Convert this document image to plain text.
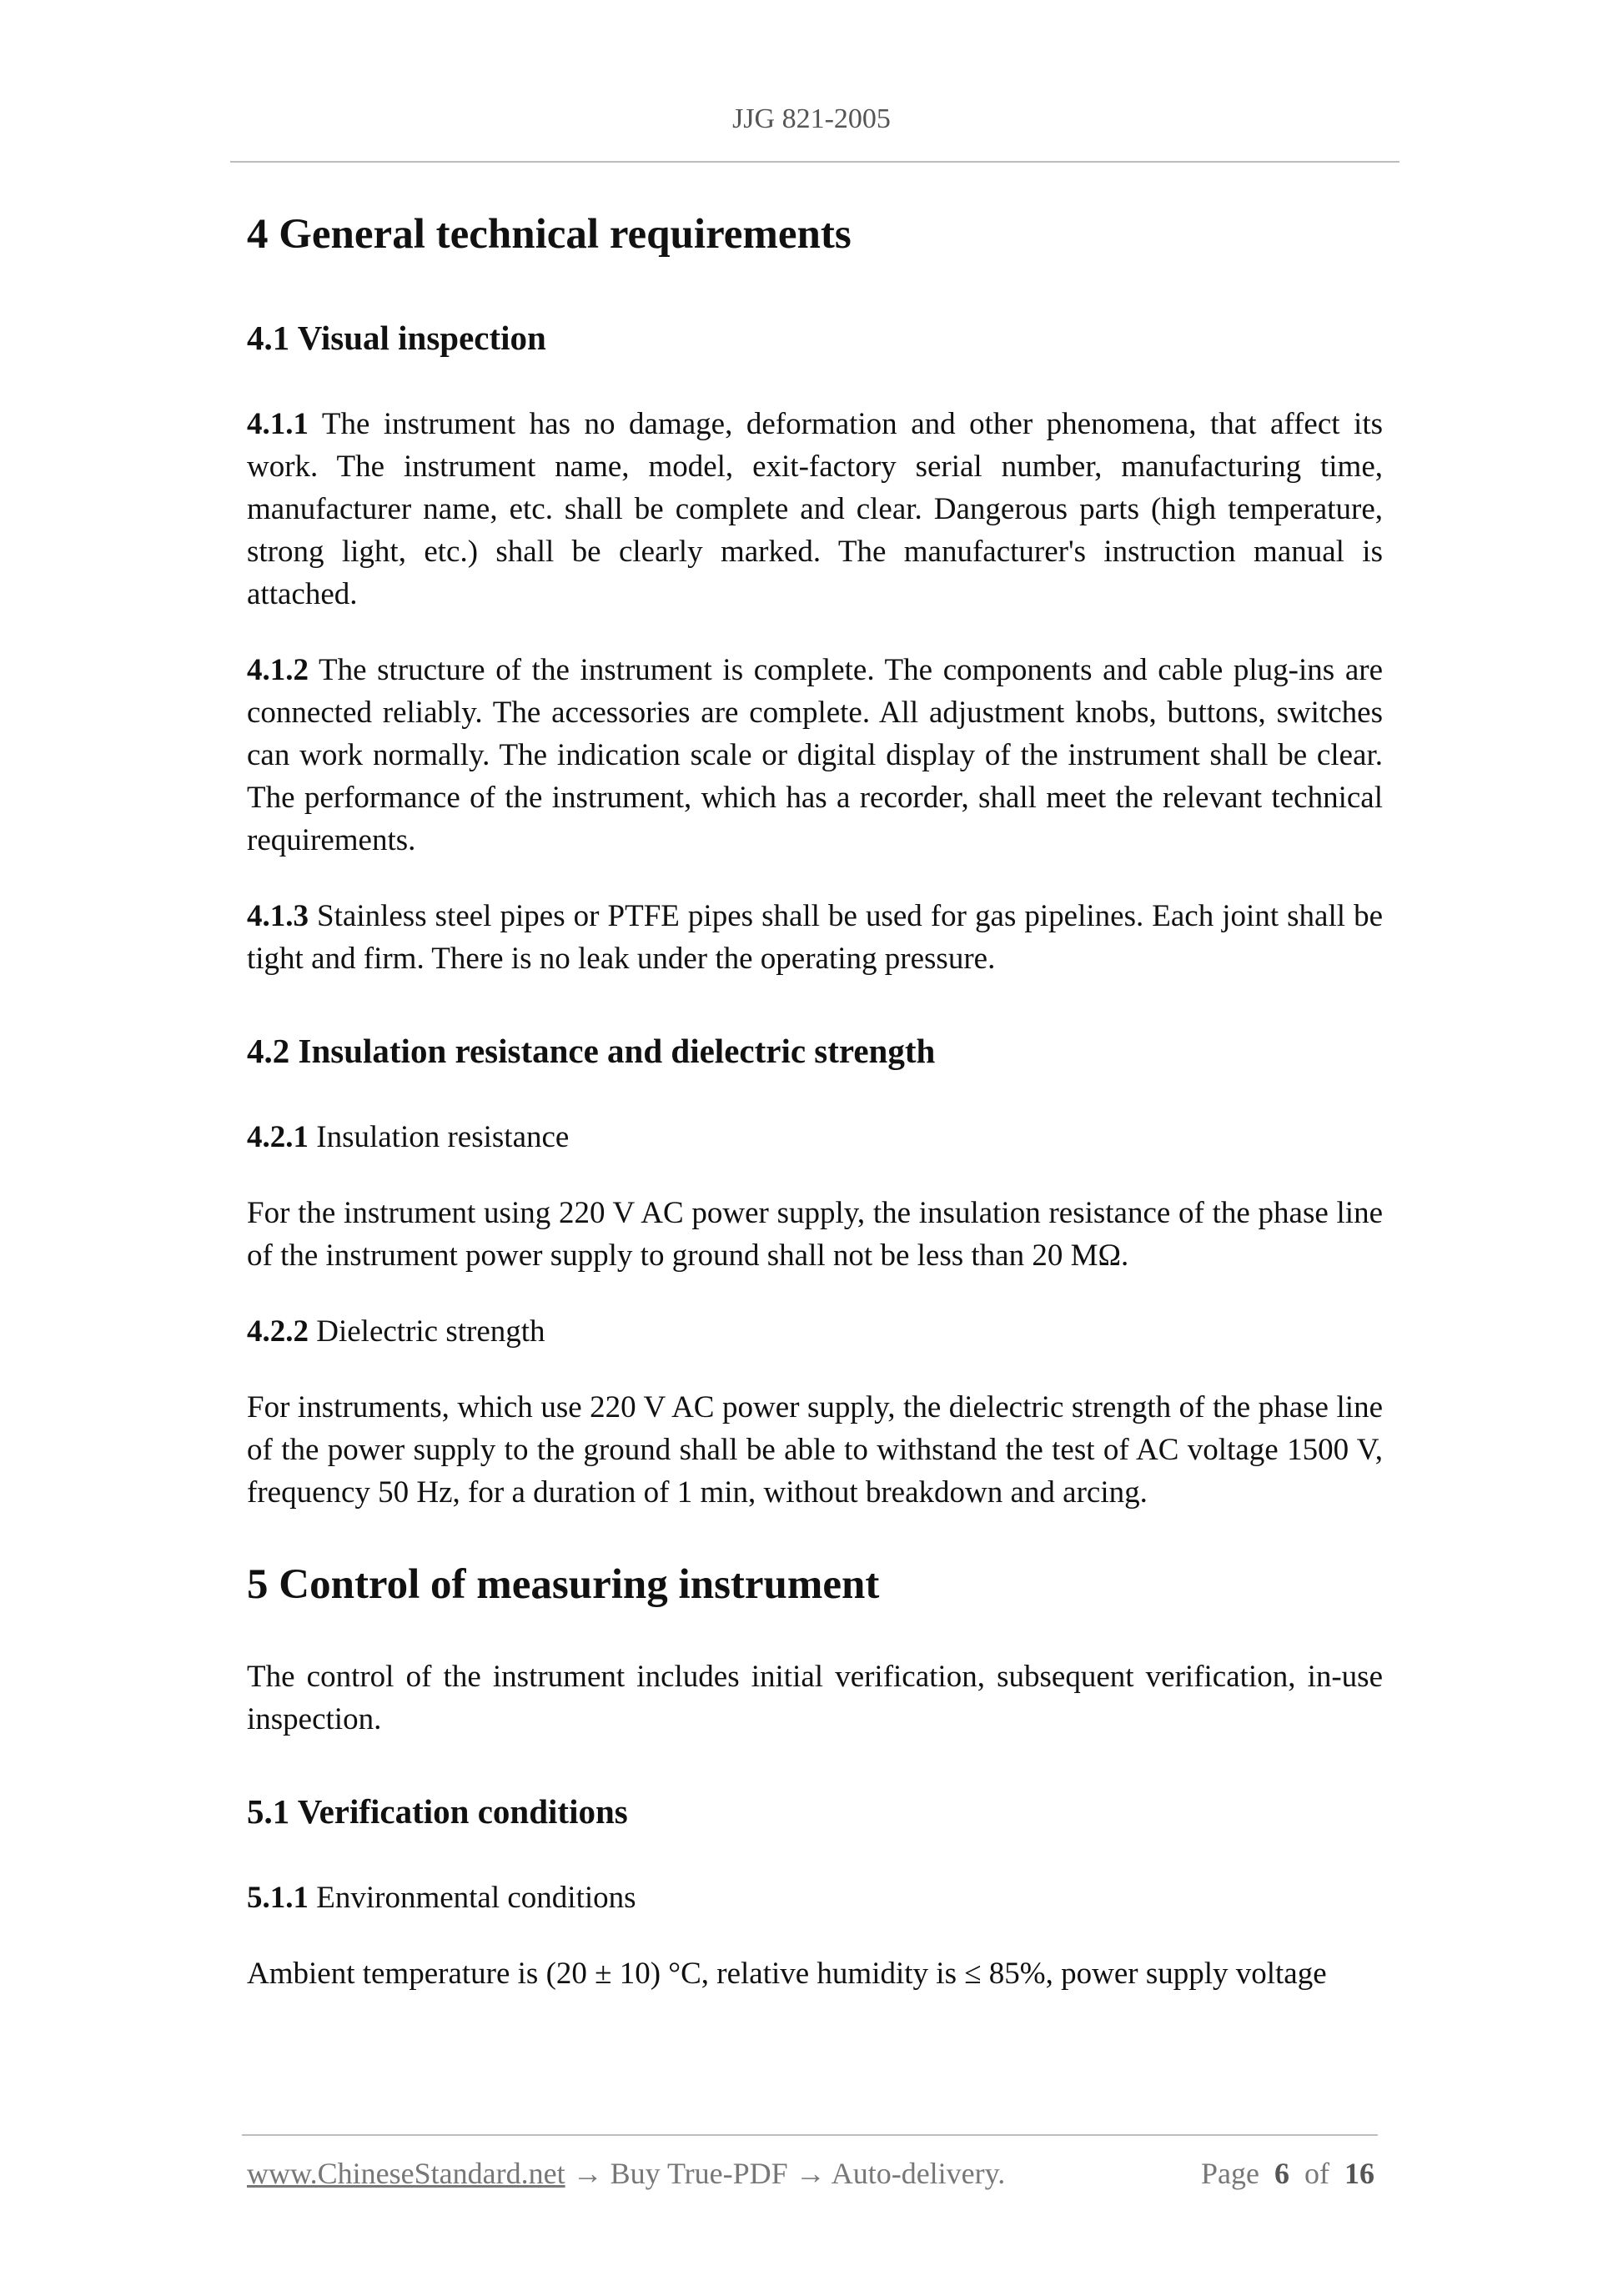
JJG 821-2005
4 General technical requirements
4.1 Visual inspection

4.1.1 The instrument has no damage, deformation and other phenomena, that affect its work. The instrument name, model, exit-factory serial number, manufacturing time, manufacturer name, etc. shall be complete and clear. Dangerous parts (high temperature, strong light, etc.) shall be clearly marked. The manufacturer's instruction manual is attached.

4.1.2 The structure of the instrument is complete. The components and cable plug-ins are connected reliably. The accessories are complete. All adjustment knobs, buttons, switches can work normally. The indication scale or digital display of the instrument shall be clear. The performance of the instrument, which has a recorder, shall meet the relevant technical requirements.

4.1.3 Stainless steel pipes or PTFE pipes shall be used for gas pipelines. Each joint shall be tight and firm. There is no leak under the operating pressure.

4.2 Insulation resistance and dielectric strength

4.2.1 Insulation resistance

For the instrument using 220 V AC power supply, the insulation resistance of the phase line of the instrument power supply to ground shall not be less than 20 MΩ.

4.2.2 Dielectric strength

For instruments, which use 220 V AC power supply, the dielectric strength of the phase line of the power supply to the ground shall be able to withstand the test of AC voltage 1500 V, frequency 50 Hz, for a duration of 1 min, without breakdown and arcing.

5 Control of measuring instrument

The control of the instrument includes initial verification, subsequent verification, in-use inspection.

5.1 Verification conditions

5.1.1 Environmental conditions

Ambient temperature is (20 ± 10) °C, relative humidity is ≤ 85%, power supply voltage

www.ChineseStandard.net → Buy True-PDF → Auto-delivery.	Page 6 of 16
